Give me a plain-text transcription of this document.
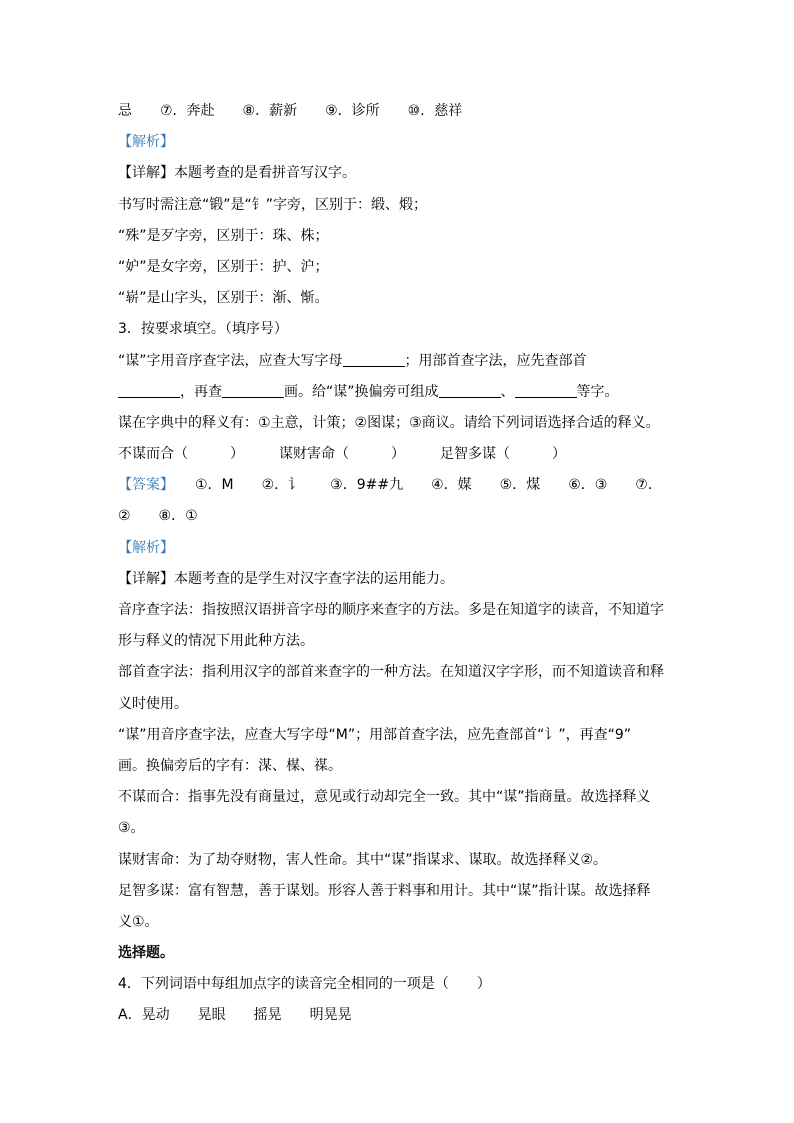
忌　　⑦．奔赴　　⑧．薪新　　⑨．诊所　　⑩．慈祥
【解析】
【详解】本题考查的是看拼音写汉字。
书写时需注意“锻”是“钅”字旁，区别于：缎、煅；
“殊”是歹字旁，区别于：珠、株；
“妒”是女字旁，区别于：护、沪；
“崭”是山字头，区别于：渐、惭。
3．按要求填空。（填序号）
“谋”字用音序查字法，应查大写字母	；用部首查字法，应先查部首
，再查	画。给“谋”换偏旁可组成	、	等字。
谋在字典中的释义有：①主意，计策；②图谋；③商议。请给下列词语选择合适的释义。
不谋而合（　　　）　　　谋财害命（　　　）　　　足智多谋（　　　）
【答案】　　①．M　　②．讠　　③．9##九　　④．媒　　⑤．煤　　⑥．③　　⑦．
②　　⑧．①
【解析】
【详解】本题考查的是学生对汉字查字法的运用能力。
音序查字法：指按照汉语拼音字母的顺序来查字的方法。多是在知道字的读音，不知道字
形与释义的情况下用此种方法。
部首查字法：指利用汉字的部首来查字的一种方法。在知道汉字字形，而不知道读音和释
义时使用。
“谋”用音序查字法，应查大写字母“M”；用部首查字法，应先查部首“讠”，再查“9”
画。换偏旁后的字有：湈、楳、禖。
不谋而合：指事先没有商量过，意见或行动却完全一致。其中“谋”指商量。故选择释义
③。
谋财害命：为了劫夺财物，害人性命。其中“谋”指谋求、谋取。故选择释义②。
足智多谋：富有智慧，善于谋划。形容人善于料事和用计。其中“谋”指计谋。故选择释
义①。
选择题。
4．下列词语中每组加点字的读音完全相同的一项是（　　）
A．晃动　　晃眼　　摇晃　　明晃晃
